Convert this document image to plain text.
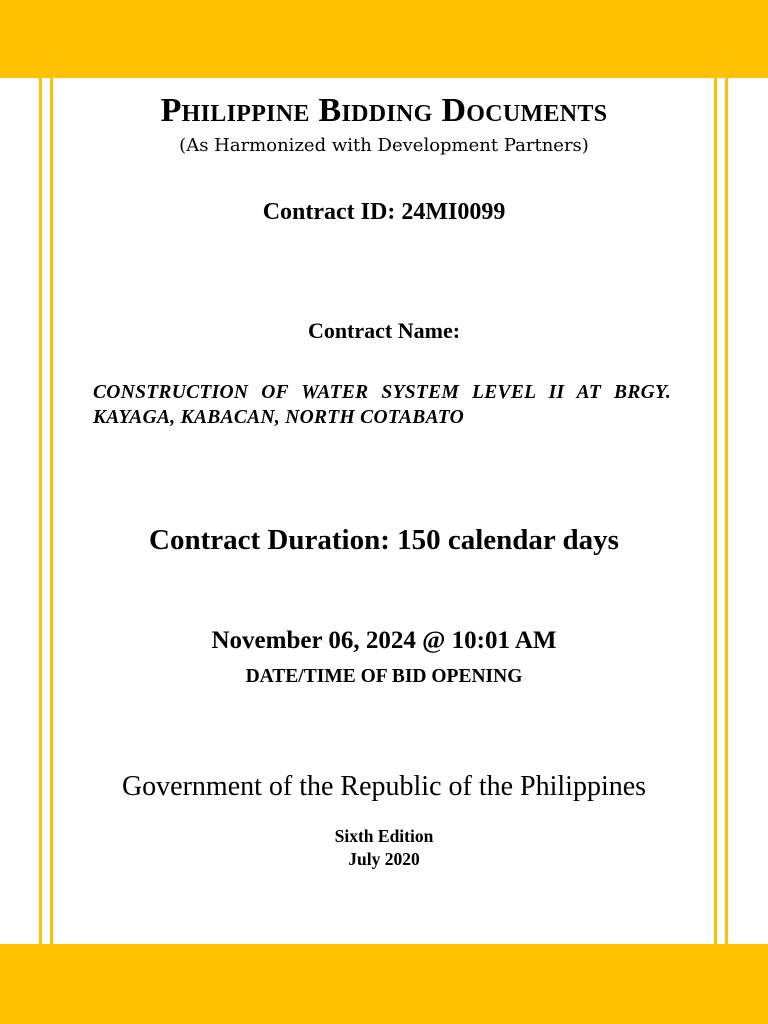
Philippine Bidding Documents
(As Harmonized with Development Partners)
Contract ID: 24MI0099
Contract Name:
CONSTRUCTION OF WATER SYSTEM LEVEL II AT BRGY. KAYAGA, KABACAN, NORTH COTABATO
Contract Duration: 150 calendar days
November 06, 2024 @ 10:01 AM
DATE/TIME OF BID OPENING
Government of the Republic of the Philippines
Sixth Edition
July 2020
